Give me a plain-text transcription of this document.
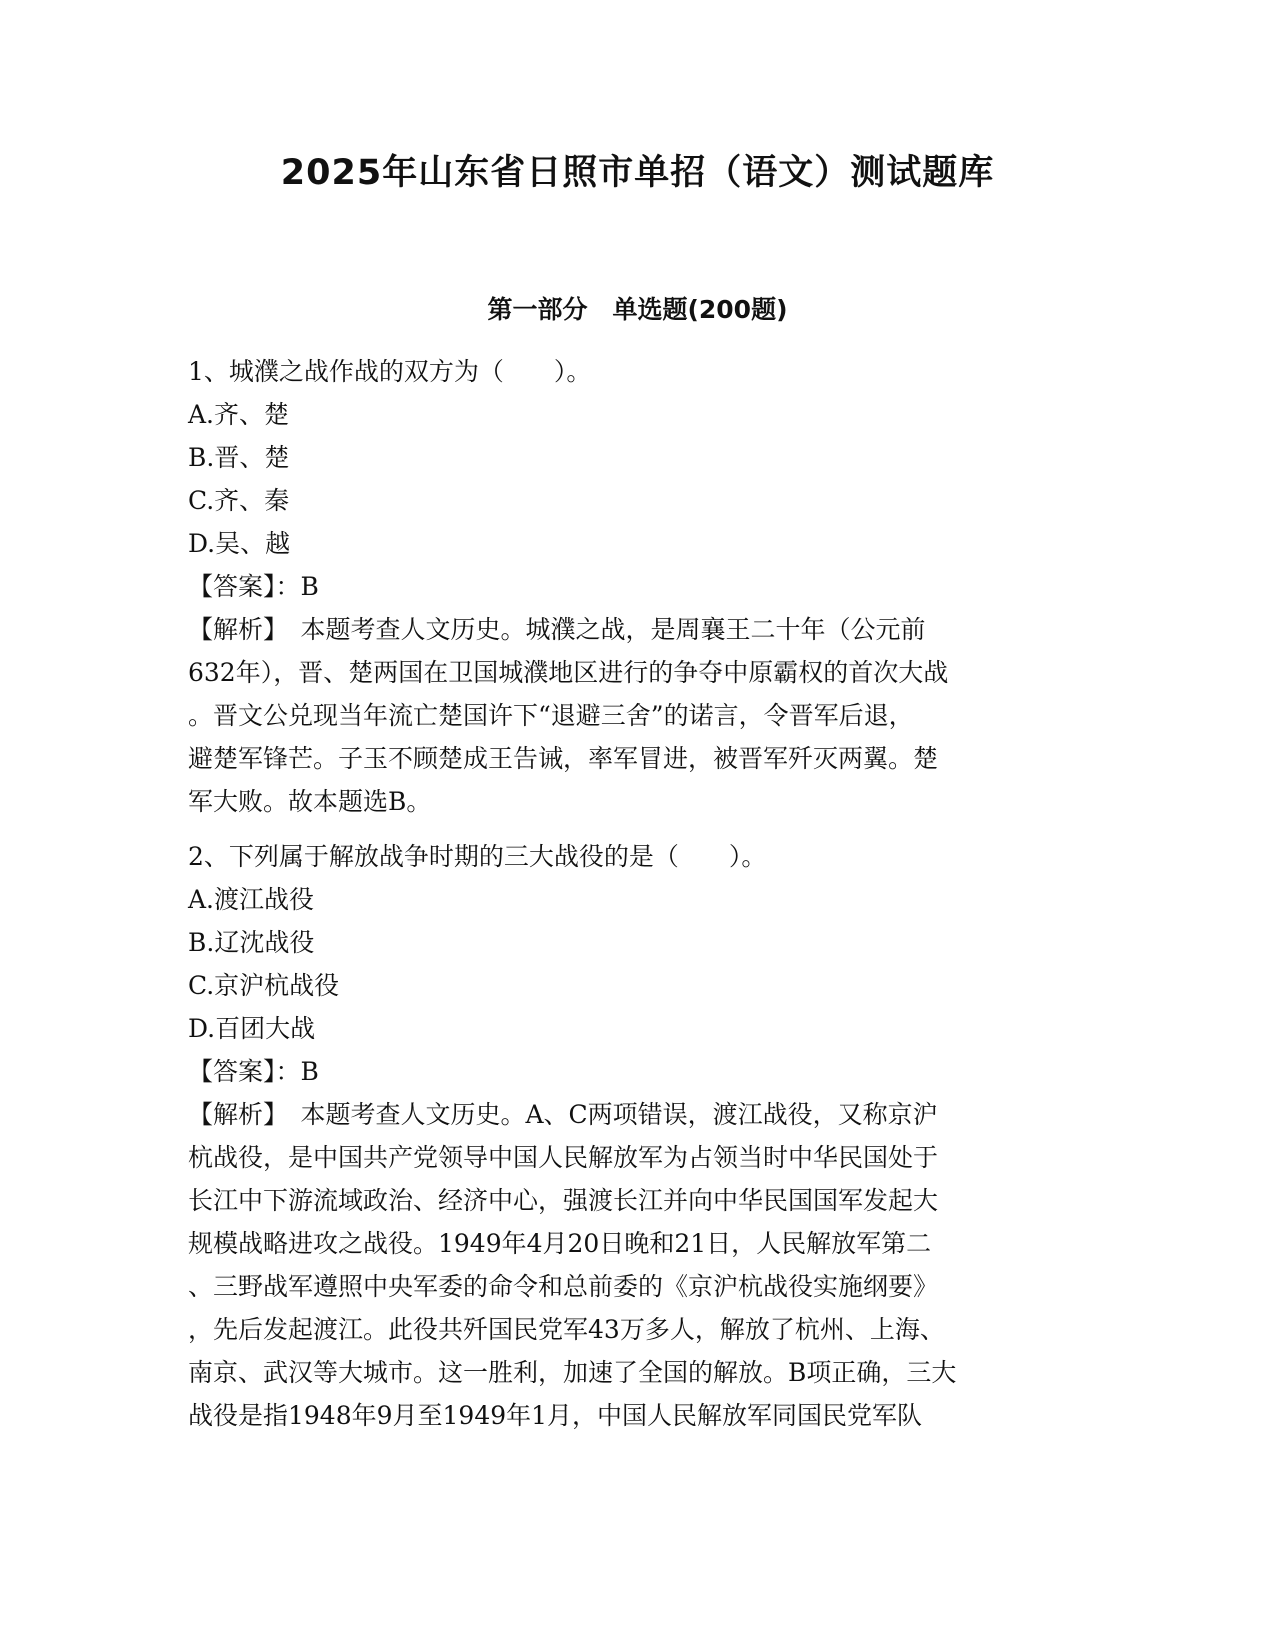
2025年山东省日照市单招（语文）测试题库
第一部分　单选题(200题)
1、城濮之战作战的双方为（　　）。
A.齐、楚
B.晋、楚
C.齐、秦
D.吴、越
【答案】：B
【解析】　本题考查人文历史。城濮之战，是周襄王二十年（公元前
632年），晋、楚两国在卫国城濮地区进行的争夺中原霸权的首次大战
。晋文公兑现当年流亡楚国许下“退避三舍”的诺言，令晋军后退，
避楚军锋芒。子玉不顾楚成王告诫，率军冒进，被晋军歼灭两翼。楚
军大败。故本题选B。
2、下列属于解放战争时期的三大战役的是（　　）。
A.渡江战役
B.辽沈战役
C.京沪杭战役
D.百团大战
【答案】：B
【解析】　本题考查人文历史。A、C两项错误，渡江战役，又称京沪
杭战役，是中国共产党领导中国人民解放军为占领当时中华民国处于
长江中下游流域政治、经济中心，强渡长江并向中华民国国军发起大
规模战略进攻之战役。1949年4月20日晚和21日，人民解放军第二
、三野战军遵照中央军委的命令和总前委的《京沪杭战役实施纲要》
，先后发起渡江。此役共歼国民党军43万多人，解放了杭州、上海、
南京、武汉等大城市。这一胜利，加速了全国的解放。B项正确，三大
战役是指1948年9月至1949年1月，中国人民解放军同国民党军队
